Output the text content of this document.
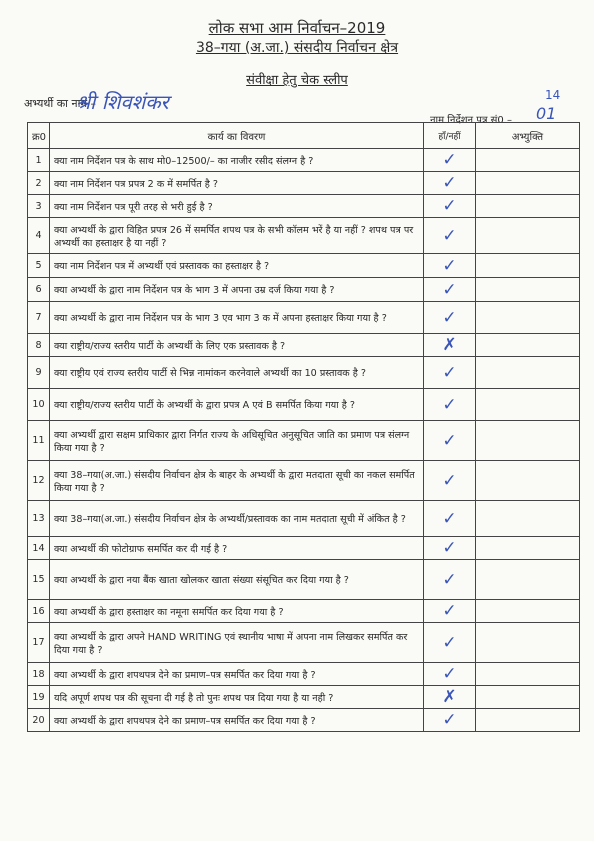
लोक सभा आम निर्वाचन–2019
38–गया (अ.जा.) संसदीय निर्वाचन क्षेत्र
संवीक्षा हेतु चेक स्लीप
अभ्यर्थी का नाम –
श्री शिवशंकर	14
नाम निर्देशन पत्र सं0 – 01
क्र0	कार्य का विवरण	हाँ/नहीं	अभ्युक्ति
1	क्या नाम निर्देशन पत्र के साथ मो0–12500/– का नाजीर रसीद संलग्न है ?	✓	
2	क्या नाम निर्देशन पत्र प्रपत्र 2 क में समर्पित है ?	✓	
3	क्या नाम निर्देशन पत्र पूरी तरह से भरी हुई है ?	✓	
4	क्या अभ्यर्थी के द्वारा विहित प्रपत्र 26 में समर्पित शपथ पत्र के सभी कॉलम भरें है या नहीं ? शपथ पत्र पर अभ्यर्थी का हस्ताक्षर है या नहीं ?	✓	
5	क्या नाम निर्देशन पत्र में अभ्यर्थी एवं प्रस्तावक का हस्ताक्षर है ?	✓	
6	क्या अभ्यर्थी के द्वारा नाम निर्देशन पत्र के भाग 3 में अपना उम्र दर्ज किया गया है ?	✓	
7	क्या अभ्यर्थी के द्वारा नाम निर्देशन पत्र के भाग 3 एव भाग 3 क में अपना हस्ताक्षर किया गया है ?	✓	
8	क्या राष्ट्रीय/राज्य स्तरीय पार्टी के अभ्यर्थी के लिए एक प्रस्तावक है ?	✗	
9	क्या राष्ट्रीय एवं राज्य स्तरीय पार्टी से भिन्न नामांकन करनेवाले अभ्यर्थी का 10 प्रस्तावक है ?	✓	
10	क्या राष्ट्रीय/राज्य स्तरीय पार्टी के अभ्यर्थी के द्वारा प्रपत्र A एवं B समर्पित किया गया है ?	✓	
11	क्या अभ्यर्थी द्वारा सक्षम प्राधिकार द्वारा निर्गत राज्य के अधिसूचित अनुसूचित जाति का प्रमाण पत्र संलग्न किया गया है ?	✓	
12	क्या 38–गया(अ.जा.) संसदीय निर्वाचन क्षेत्र के बाहर के अभ्यर्थी के द्वारा मतदाता सूची का नकल समर्पित किया गया है ?	✓	
13	क्या 38–गया(अ.जा.) संसदीय निर्वाचन क्षेत्र के अभ्यर्थी/प्रस्तावक का नाम मतदाता सूची में अंकित है ?	✓	
14	क्या अभ्यर्थी की फोटोग्राफ समर्पित कर दी गई है ?	✓	
15	क्या अभ्यर्थी के द्वारा नया बैंक खाता खोलकर खाता संख्या संसूचित कर दिया गया है ?	✓	
16	क्या अभ्यर्थी के द्वारा हस्ताक्षर का नमूना समर्पित कर दिया गया है ?	✓	
17	क्या अभ्यर्थी के द्वारा अपने HAND WRITING एवं स्थानीय भाषा में अपना नाम लिखकर समर्पित कर दिया गया है ?	✓	
18	क्या अभ्यर्थी के द्वारा शपथपत्र देने का प्रमाण–पत्र समर्पित कर दिया गया है ?	✓	
19	यदि अपूर्ण शपथ पत्र की सूचना दी गई है तो पुनः शपथ पत्र दिया गया है या नही ?	✗	
20	क्या अभ्यर्थी के द्वारा शपथपत्र देने का प्रमाण–पत्र समर्पित कर दिया गया है ?	✓	
